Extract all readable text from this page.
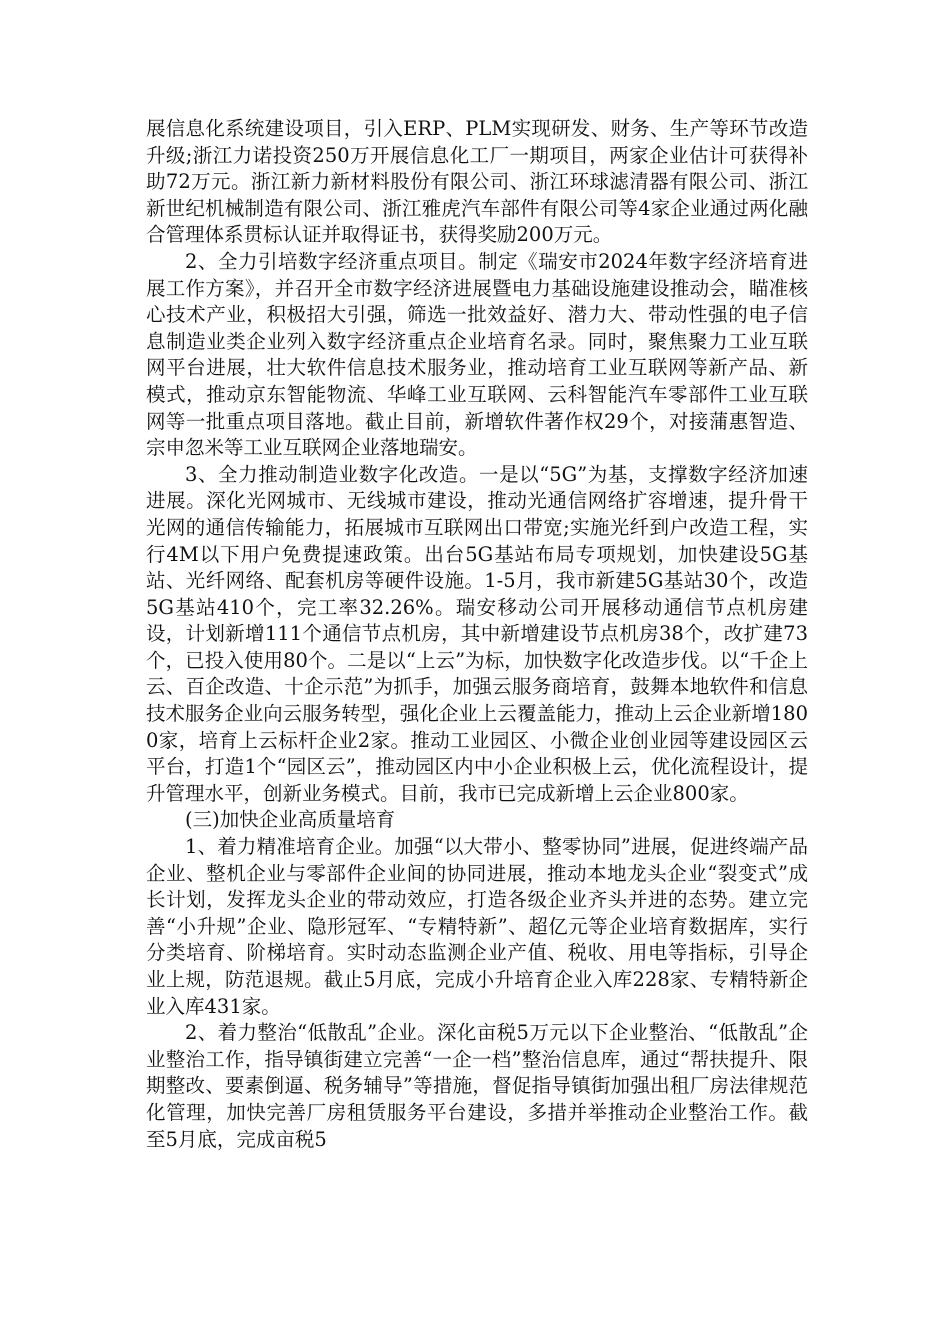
展信息化系统建设项目，引入ERP、PLM实现研发、财务、生产等环节改造升级;浙江力诺投资250万开展信息化工厂一期项目，两家企业估计可获得补助72万元。浙江新力新材料股份有限公司、浙江环球滤清器有限公司、浙江新世纪机械制造有限公司、浙江雅虎汽车部件有限公司等4家企业通过两化融合管理体系贯标认证并取得证书，获得奖励200万元。

2、全力引培数字经济重点项目。制定《瑞安市2024年数字经济培育进展工作方案》，并召开全市数字经济进展暨电力基础设施建设推动会，瞄准核心技术产业，积极招大引强，筛选一批效益好、潜力大、带动性强的电子信息制造业类企业列入数字经济重点企业培育名录。同时，聚焦聚力工业互联网平台进展，壮大软件信息技术服务业，推动培育工业互联网等新产品、新模式，推动京东智能物流、华峰工业互联网、云科智能汽车零部件工业互联网等一批重点项目落地。截止目前，新增软件著作权29个，对接蒲惠智造、宗申忽米等工业互联网企业落地瑞安。

3、全力推动制造业数字化改造。一是以“5G”为基，支撑数字经济加速进展。深化光网城市、无线城市建设，推动光通信网络扩容增速，提升骨干光网的通信传输能力，拓展城市互联网出口带宽;实施光纤到户改造工程，实行4M以下用户免费提速政策。出台5G基站布局专项规划，加快建设5G基站、光纤网络、配套机房等硬件设施。1-5月，我市新建5G基站30个，改造5G基站410个，完工率32.26%。瑞安移动公司开展移动通信节点机房建设，计划新增111个通信节点机房，其中新增建设节点机房38个，改扩建73个，已投入使用80个。二是以“上云”为标，加快数字化改造步伐。以“千企上云、百企改造、十企示范”为抓手，加强云服务商培育，鼓舞本地软件和信息技术服务企业向云服务转型，强化企业上云覆盖能力，推动上云企业新增1800家，培育上云标杆企业2家。推动工业园区、小微企业创业园等建设园区云平台，打造1个“园区云”，推动园区内中小企业积极上云，优化流程设计，提升管理水平，创新业务模式。目前，我市已完成新增上云企业800家。

(三)加快企业高质量培育

1、着力精准培育企业。加强“以大带小、整零协同”进展，促进终端产品企业、整机企业与零部件企业间的协同进展，推动本地龙头企业“裂变式”成长计划，发挥龙头企业的带动效应，打造各级企业齐头并进的态势。建立完善“小升规”企业、隐形冠军、“专精特新”、超亿元等企业培育数据库，实行分类培育、阶梯培育。实时动态监测企业产值、税收、用电等指标，引导企业上规，防范退规。截止5月底，完成小升培育企业入库228家、专精特新企业入库431家。

2、着力整治“低散乱”企业。深化亩税5万元以下企业整治、“低散乱”企业整治工作，指导镇街建立完善“一企一档”整治信息库，通过“帮扶提升、限期整改、要素倒逼、税务辅导”等措施，督促指导镇街加强出租厂房法律规范化管理，加快完善厂房租赁服务平台建设，多措并举推动企业整治工作。截至5月底，完成亩税5
